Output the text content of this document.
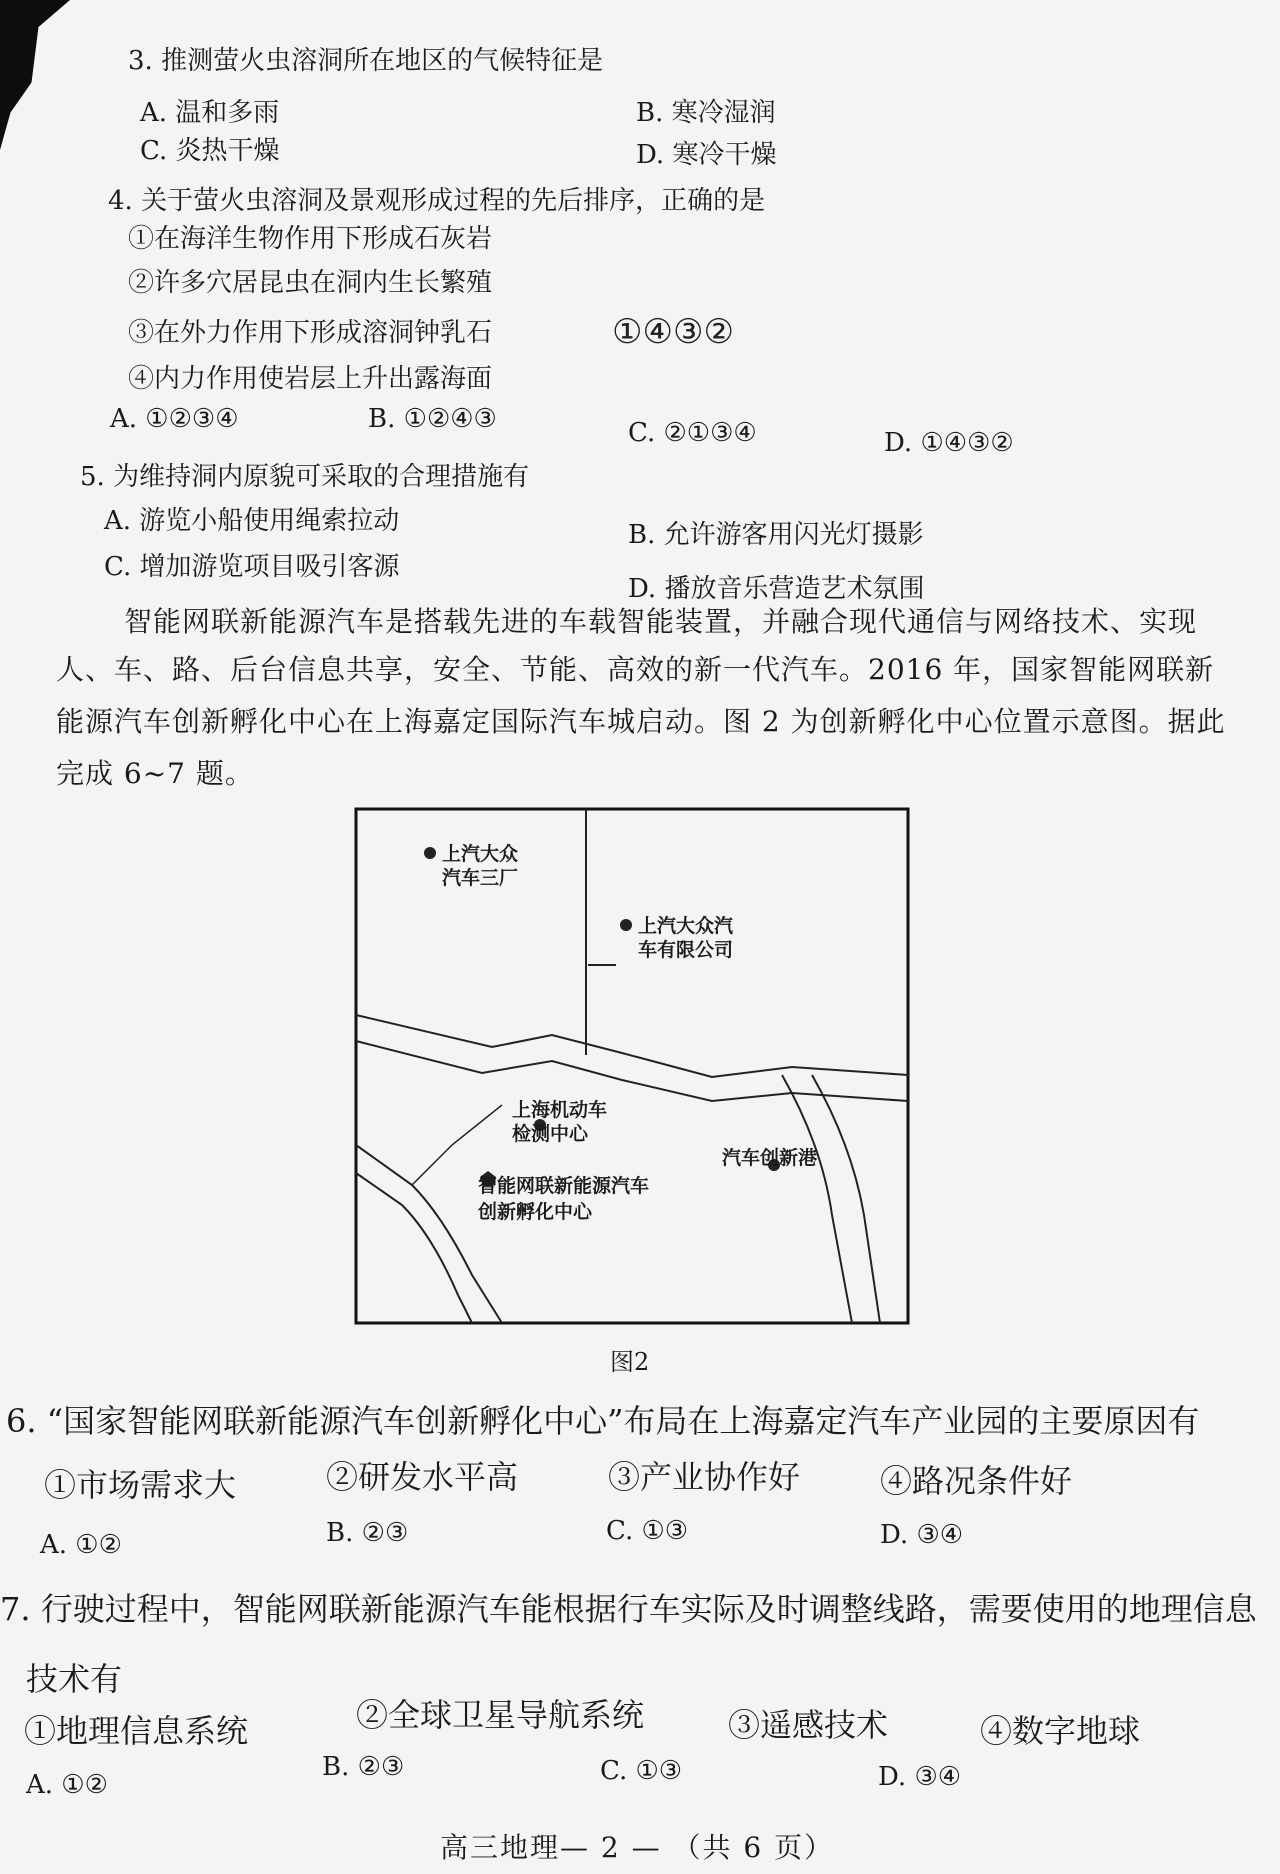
3. 推测萤火虫溶洞所在地区的气候特征是
A. 温和多雨	B. 寒冷湿润
C. 炎热干燥	D. 寒冷干燥
4. 关于萤火虫溶洞及景观形成过程的先后排序，正确的是
①在海洋生物作用下形成石灰岩
②许多穴居昆虫在洞内生长繁殖
③在外力作用下形成溶洞钟乳石	①④③②
④内力作用使岩层上升出露海面
A. ①②③④	B. ①②④③	C. ②①③④	D. ①④③②
5. 为维持洞内原貌可采取的合理措施有
A. 游览小船使用绳索拉动	B. 允许游客用闪光灯摄影
C. 增加游览项目吸引客源
D. 播放音乐营造艺术氛围
智能网联新能源汽车是搭载先进的车载智能装置，并融合现代通信与网络技术、实现
人、车、路、后台信息共享，安全、节能、高效的新一代汽车。2016 年，国家智能网联新
能源汽车创新孵化中心在上海嘉定国际汽车城启动。图 2 为创新孵化中心位置示意图。据此
完成 6~7 题。
上汽大众
汽车三厂
上汽大众汽
车有限公司
上海机动车
检测中心
智能网联新能源汽车
创新孵化中心
汽车创新港
图2
6. “国家智能网联新能源汽车创新孵化中心”布局在上海嘉定汽车产业园的主要原因有
①市场需求大	②研发水平高	③产业协作好 ④路况条件好
A. ①②	B. ②③	C. ①③	D. ③④
7. 行驶过程中，智能网联新能源汽车能根据行车实际及时调整线路，需要使用的地理信息
技术有
①地理信息系统	②全球卫星导航系统	③遥感技术	④数字地球
A. ①②
B. ②③	C. ①③	D. ③④
高三地理— 2 — （共 6 页）
